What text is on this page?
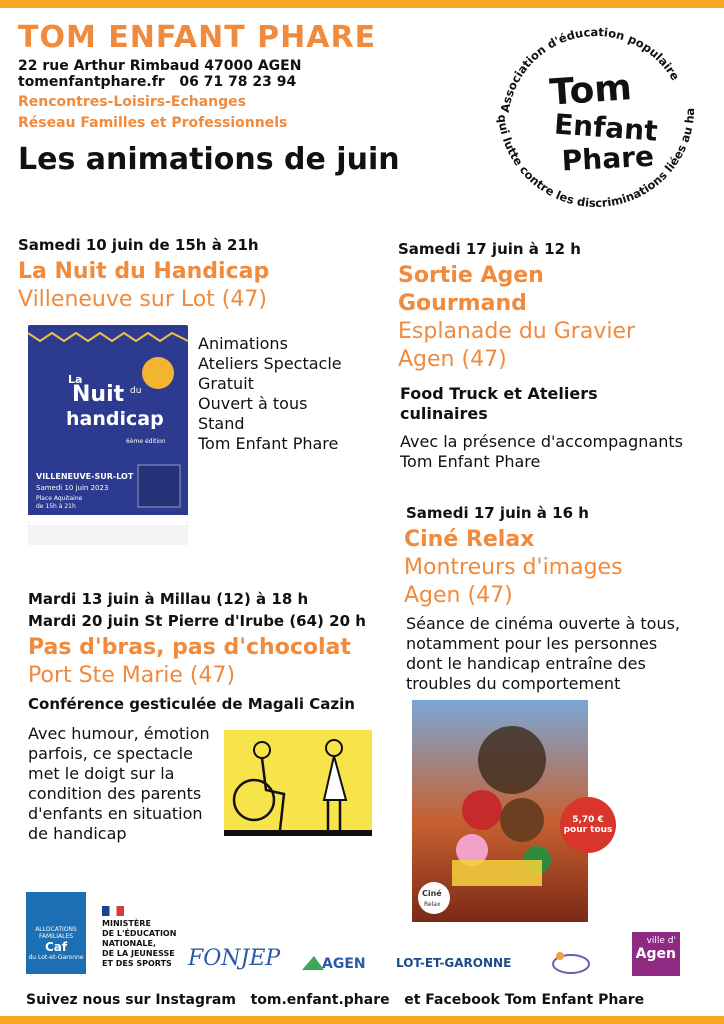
TOM ENFANT PHARE
22 rue Arthur Rimbaud 47000 AGEN
tomenfantphare.fr   06 71 78 23 94
Rencontres-Loisirs-Echanges
Réseau Familles et Professionnels
Les animations de juin
Association d'éducation populaire
qui lutte contre les discriminations liées au ha
Tom
Enfant
Phare
Samedi 10 juin de 15h à 21h
La Nuit du Handicap
Villeneuve sur Lot (47)
La
Nuit du
handicap
6ème édition
VILLENEUVE-SUR-LOT
Samedi 10 juin 2023
Place Aquitaine
de 15h à 21h
Animations
Ateliers Spectacle
Gratuit
Ouvert à tous
Stand
Tom Enfant Phare
Samedi 17 juin à 12 h
Sortie Agen
Gourmand
Esplanade du Gravier
Agen (47)
Food Truck et Ateliers
culinaires
Avec la présence d'accompagnants
Tom Enfant Phare
Samedi 17 juin à 16 h
Ciné Relax
Montreurs d'images
Agen (47)
Séance de cinéma ouverte à tous,
notamment pour les personnes
dont le handicap entraîne des
troubles du comportement
Ciné
Relax
5,70 €
pour tous
Mardi 13 juin à Millau (12) à 18 h
Mardi 20 juin St Pierre d'Irube (64) 20 h
Pas d'bras, pas d'chocolat
Port Ste Marie (47)
Conférence gesticulée de Magali Cazin
Avec humour, émotion
parfois, ce spectacle
met le doigt sur la
condition des parents
d'enfants en situation
de handicap
ALLOCATIONS
FAMILIALES
Caf
du Lot-et-Garonne
MINISTÈRE
DE L'ÉDUCATION
NATIONALE,
DE LA JEUNESSE
ET DES SPORTS FONJEP	AGEN	LOT-ET-GARONNE
ville d'
Agen
Suivez nous sur Instagram tom.enfant.phare et Facebook Tom Enfant Phare
